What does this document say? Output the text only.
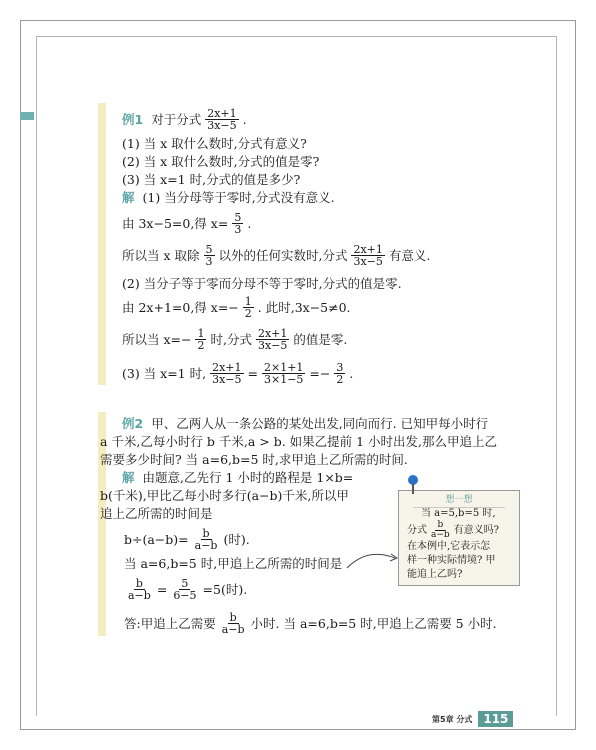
例1 对于分式 $\frac{2x+1}{3x-5}$ .
(1) 当 x 取什么数时,分式有意义?
(2) 当 x 取什么数时,分式的值是零?
(3) 当 x=1 时,分式的值是多少?
解 (1) 当分母等于零时,分式没有意义.
由 3x−5=0,得 $x= \frac{5}{3}$ .
所以当 x 取除 $\frac{5}{3}$ 以外的任何实数时,分式 $\frac{2x+1}{3x-5}$ 有意义.
(2) 当分子等于零而分母不等于零时,分式的值是零.
由 2x+1=0,得 $x=- \frac{1}{2}$ . 此时,3x−5≠0.
所以当 $x=- \frac{1}{2}$ 时,分式 $\frac{2x+1}{3x-5}$ 的值是零.
(3) 当 x=1 时, $\frac{2x+1}{3x-5} = \frac{2\times 1+1}{3\times 1-5} =- \frac{3}{2}$ .
例2 甲、乙两人从一条公路的某处出发,同向而行. 已知甲每小时行
a 千米,乙每小时行 b 千米,a > b. 如果乙提前 1 小时出发,那么甲追上乙
需要多少时间? 当 a=6,b=5 时,求甲追上乙所需的时间.
解 由题意,乙先行 1 小时的路程是 1×b=
b(千米),甲比乙每小时多行(a−b)千米,所以甲
追上乙所需的时间是
$b\div(a-b)= \frac{b}{a-b}$ (时).
当 a=6,b=5 时,甲追上乙所需的时间是
$\frac{b}{a-b} = \frac{5}{6-5} =5$(时).
答:甲追上乙需要 $\frac{b}{a-b}$ 小时. 当 a=6,b=5 时,甲追上乙需要 5 小时.
想一想
当 a=5,b=5 时,
分式 $\frac{b}{a-b}$ 有意义吗?
在本例中,它表示怎
样一种实际情境? 甲
能追上乙吗?
第5章 分式 115
